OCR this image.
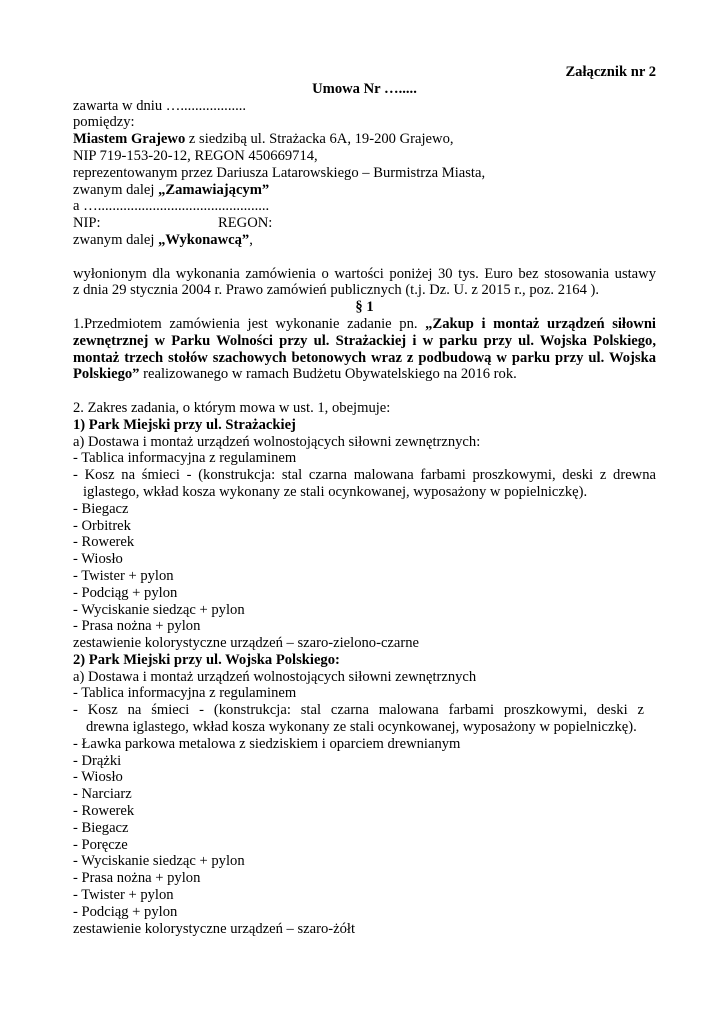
Załącznik nr 2
Umowa Nr ….....
zawarta w dniu …..................
pomiędzy:
Miastem Grajewo z siedzibą ul. Strażacka 6A, 19-200 Grajewo,
NIP 719-153-20-12, REGON 450669714,
reprezentowanym przez Dariusza Latarowskiego – Burmistrza Miasta,
zwanym dalej „Zamawiającym”
a …...............................................
NIP:	REGON:
zwanym dalej „Wykonawcą”,
wyłonionym dla wykonania zamówienia o wartości poniżej 30 tys. Euro bez stosowania ustawy
z dnia 29 stycznia 2004 r. Prawo zamówień publicznych (t.j. Dz. U. z 2015 r., poz. 2164 ).
§ 1
1.Przedmiotem zamówienia jest wykonanie zadanie pn. „Zakup i montaż urządzeń siłowni
zewnętrznej w Parku Wolności przy ul. Strażackiej i w parku przy ul. Wojska Polskiego,
montaż trzech stołów szachowych betonowych wraz z podbudową w parku przy ul. Wojska
Polskiego” realizowanego w ramach Budżetu Obywatelskiego na 2016 rok.
2. Zakres zadania, o którym mowa w ust. 1, obejmuje:
1) Park Miejski przy ul. Strażackiej
a) Dostawa i montaż urządzeń wolnostojących siłowni zewnętrznych:
- Tablica informacyjna z regulaminem
- Kosz na śmieci - (konstrukcja: stal czarna malowana farbami proszkowymi, deski z drewna
iglastego, wkład kosza wykonany ze stali ocynkowanej, wyposażony w popielniczkę).
- Biegacz
- Orbitrek
- Rowerek
- Wiosło
- Twister + pylon
- Podciąg + pylon
- Wyciskanie siedząc + pylon
- Prasa nożna + pylon
zestawienie kolorystyczne urządzeń – szaro-zielono-czarne
2) Park Miejski przy ul. Wojska Polskiego:
a) Dostawa i montaż urządzeń wolnostojących siłowni zewnętrznych
- Tablica informacyjna z regulaminem
- Kosz na śmieci - (konstrukcja: stal czarna malowana farbami proszkowymi, deski z
drewna iglastego, wkład kosza wykonany ze stali ocynkowanej, wyposażony w popielniczkę).
- Ławka parkowa metalowa z siedziskiem i oparciem drewnianym
- Drążki
- Wiosło
- Narciarz
- Rowerek
- Biegacz
- Poręcze
- Wyciskanie siedząc + pylon
- Prasa nożna + pylon
- Twister + pylon
- Podciąg + pylon
zestawienie kolorystyczne urządzeń – szaro-żółt
